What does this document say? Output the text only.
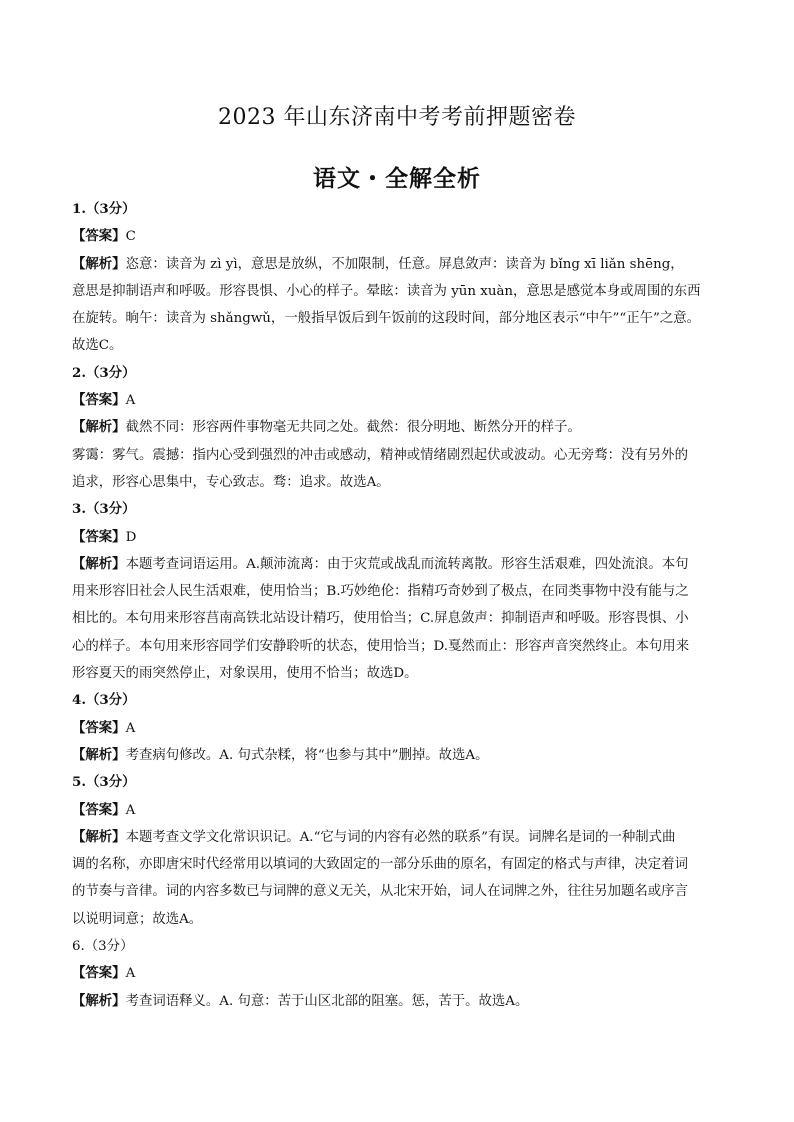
2023 年山东济南中考考前押题密卷
语文・全解全析

1.（3分）

【答案】C

【解析】恣意：读音为 zì yì，意思是放纵，不加限制，任意。屏息敛声：读音为 bǐng xī liǎn shēng，

意思是抑制语声和呼吸。形容畏惧、小心的样子。晕眩：读音为 yūn xuàn，意思是感觉本身或周围的东西

在旋转。晌午：读音为 shǎngwǔ，一般指早饭后到午饭前的这段时间，部分地区表示“中午”“正午”之意。

故选C。

2.（3分）

【答案】A

【解析】截然不同：形容两件事物毫无共同之处。截然：很分明地、断然分开的样子。

雾霭：雾气。震撼：指内心受到强烈的冲击或感动，精神或情绪剧烈起伏或波动。心无旁骛：没有另外的

追求，形容心思集中，专心致志。骛：追求。故选A。

3.（3分）

【答案】D

【解析】本题考查词语运用。A.颠沛流离：由于灾荒或战乱而流转离散。形容生活艰难，四处流浪。本句

用来形容旧社会人民生活艰难，使用恰当；B.巧妙绝伦：指精巧奇妙到了极点，在同类事物中没有能与之

相比的。本句用来形容莒南高铁北站设计精巧，使用恰当；C.屏息敛声：抑制语声和呼吸。形容畏惧、小

心的样子。本句用来形容同学们安静聆听的状态，使用恰当；D.戛然而止：形容声音突然终止。本句用来

形容夏天的雨突然停止，对象误用，使用不恰当；故选D。

4.（3分）

【答案】A

【解析】考查病句修改。A. 句式杂糅，将“也参与其中”删掉。故选A。

5.（3分）

【答案】A

【解析】本题考查文学文化常识识记。A.“它与词的内容有必然的联系”有误。词牌名是词的一种制式曲

调的名称，亦即唐宋时代经常用以填词的大致固定的一部分乐曲的原名，有固定的格式与声律，决定着词

的节奏与音律。词的内容多数已与词牌的意义无关，从北宋开始，词人在词牌之外，往往另加题名或序言

以说明词意；故选A。

6.（3分）

【答案】A

【解析】考查词语释义。A. 句意：苦于山区北部的阻塞。惩，苦于。故选A。
